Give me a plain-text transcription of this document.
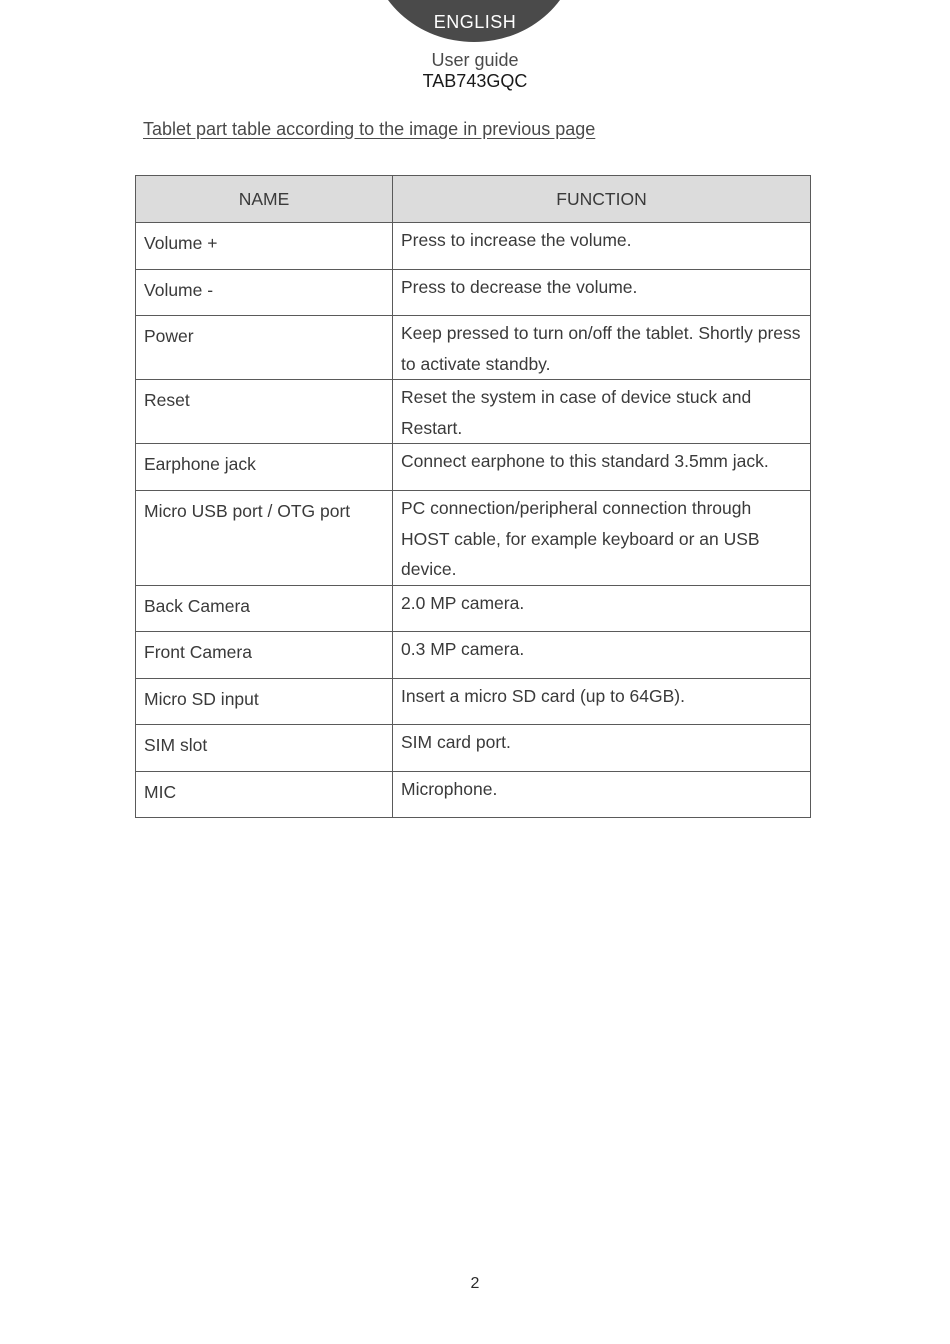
ENGLISH
User guide
TAB743GQC
Tablet part table according to the image in previous page
NAME	FUNCTION
Volume +	Press to increase the volume.
Volume -	Press to decrease the volume.
Power	Keep pressed to turn on/off the tablet. Shortly press to activate standby.
Reset	Reset the system in case of device stuck and Restart.
Earphone jack	Connect earphone to this standard 3.5mm jack.
Micro USB port / OTG port	PC connection/peripheral connection through HOST cable, for example keyboard or an USB device.
Back Camera	2.0 MP camera.
Front Camera	0.3 MP camera.
Micro SD input	Insert a micro SD card (up to 64GB).
SIM slot	SIM card port.
MIC	Microphone.
2
